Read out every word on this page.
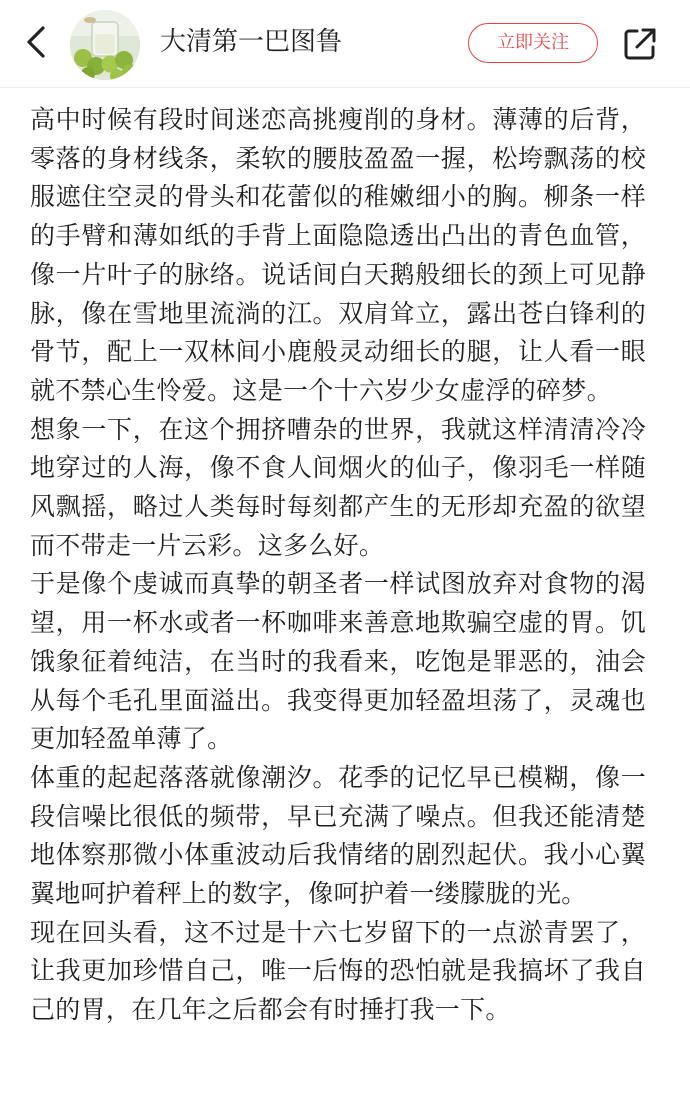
大清第一巴图鲁	立即关注

高中时候有段时间迷恋高挑瘦削的身材。薄薄的后背，零落的身材线条，柔软的腰肢盈盈一握，松垮飘荡的校服遮住空灵的骨头和花蕾似的稚嫩细小的胸。柳条一样的手臂和薄如纸的手背上面隐隐透出凸出的青色血管，像一片叶子的脉络。说话间白天鹅般细长的颈上可见静脉，像在雪地里流淌的江。双肩耸立，露出苍白锋利的骨节，配上一双林间小鹿般灵动细长的腿，让人看一眼就不禁心生怜爱。这是一个十六岁少女虚浮的碎梦。

想象一下，在这个拥挤嘈杂的世界，我就这样清清冷冷地穿过的人海，像不食人间烟火的仙子，像羽毛一样随风飘摇，略过人类每时每刻都产生的无形却充盈的欲望而不带走一片云彩。这多么好。

于是像个虔诚而真挚的朝圣者一样试图放弃对食物的渴望，用一杯水或者一杯咖啡来善意地欺骗空虚的胃。饥饿象征着纯洁，在当时的我看来，吃饱是罪恶的，油会从每个毛孔里面溢出。我变得更加轻盈坦荡了，灵魂也更加轻盈单薄了。

体重的起起落落就像潮汐。花季的记忆早已模糊，像一段信噪比很低的频带，早已充满了噪点。但我还能清楚地体察那微小体重波动后我情绪的剧烈起伏。我小心翼翼地呵护着秤上的数字，像呵护着一缕朦胧的光。

现在回头看，这不过是十六七岁留下的一点淤青罢了，让我更加珍惜自己，唯一后悔的恐怕就是我搞坏了我自己的胃，在几年之后都会有时捶打我一下。
